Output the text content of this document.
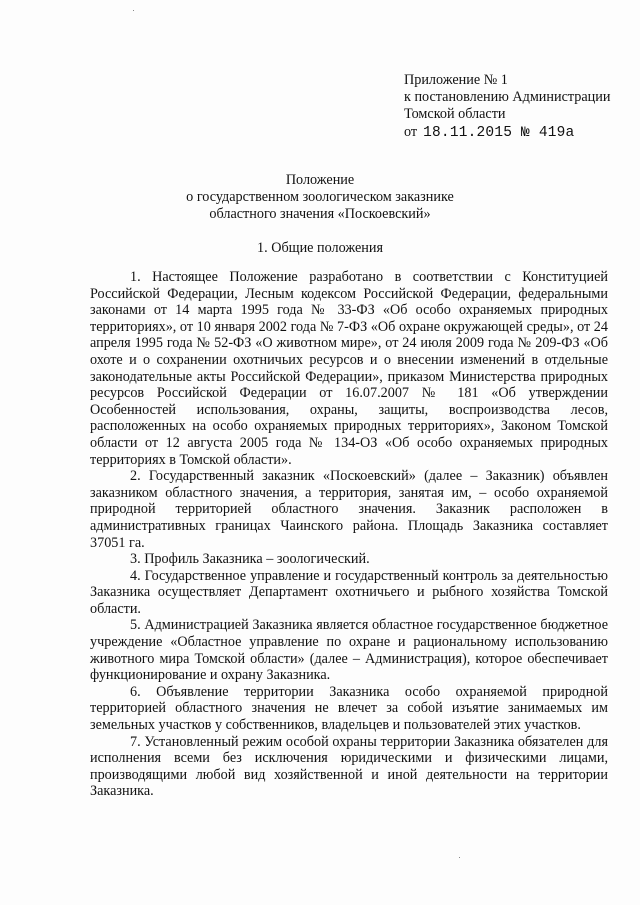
Приложение № 1
к постановлению Администрации
Томской области
от 18.11.2015 № 419а
Положение
о государственном зоологическом заказнике
областного значения «Поскоевский»
1. Общие положения

1. Настоящее Положение разработано в соответствии с Конституцией Российской Федерации, Лесным кодексом Российской Федерации, федеральными законами от 14 марта 1995 года № 33-ФЗ «Об особо охраняемых природных территориях», от 10 января 2002 года № 7-ФЗ «Об охране окружающей среды», от 24 апреля 1995 года № 52-ФЗ «О животном мире», от 24 июля 2009 года № 209-ФЗ «Об охоте и о сохранении охотничьих ресурсов и о внесении изменений в отдельные законодательные акты Российской Федерации», приказом Министерства природных ресурсов Российской Федерации от 16.07.2007 № 181 «Об утверждении Особенностей использования, охраны, защиты, воспроизводства лесов, расположенных на особо охраняемых природных территориях», Законом Томской области от 12 августа 2005 года № 134-ОЗ «Об особо охраняемых природных территориях в Томской области».

2. Государственный заказник «Поскоевский» (далее – Заказник) объявлен заказником областного значения, а территория, занятая им, – особо охраняемой природной территорией областного значения. Заказник расположен в административных границах Чаинского района. Площадь Заказника составляет 37051 га.

3. Профиль Заказника – зоологический.

4. Государственное управление и государственный контроль за деятельностью Заказника осуществляет Департамент охотничьего и рыбного хозяйства Томской области.

5. Администрацией Заказника является областное государственное бюджетное учреждение «Областное управление по охране и рациональному использованию животного мира Томской области» (далее – Администрация), которое обеспечивает функционирование и охрану Заказника.

6. Объявление территории Заказника особо охраняемой природной территорией областного значения не влечет за собой изъятие занимаемых им земельных участков у собственников, владельцев и пользователей этих участков.

7. Установленный режим особой охраны территории Заказника обязателен для исполнения всеми без исключения юридическими и физическими лицами, производящими любой вид хозяйственной и иной деятельности на территории Заказника.
